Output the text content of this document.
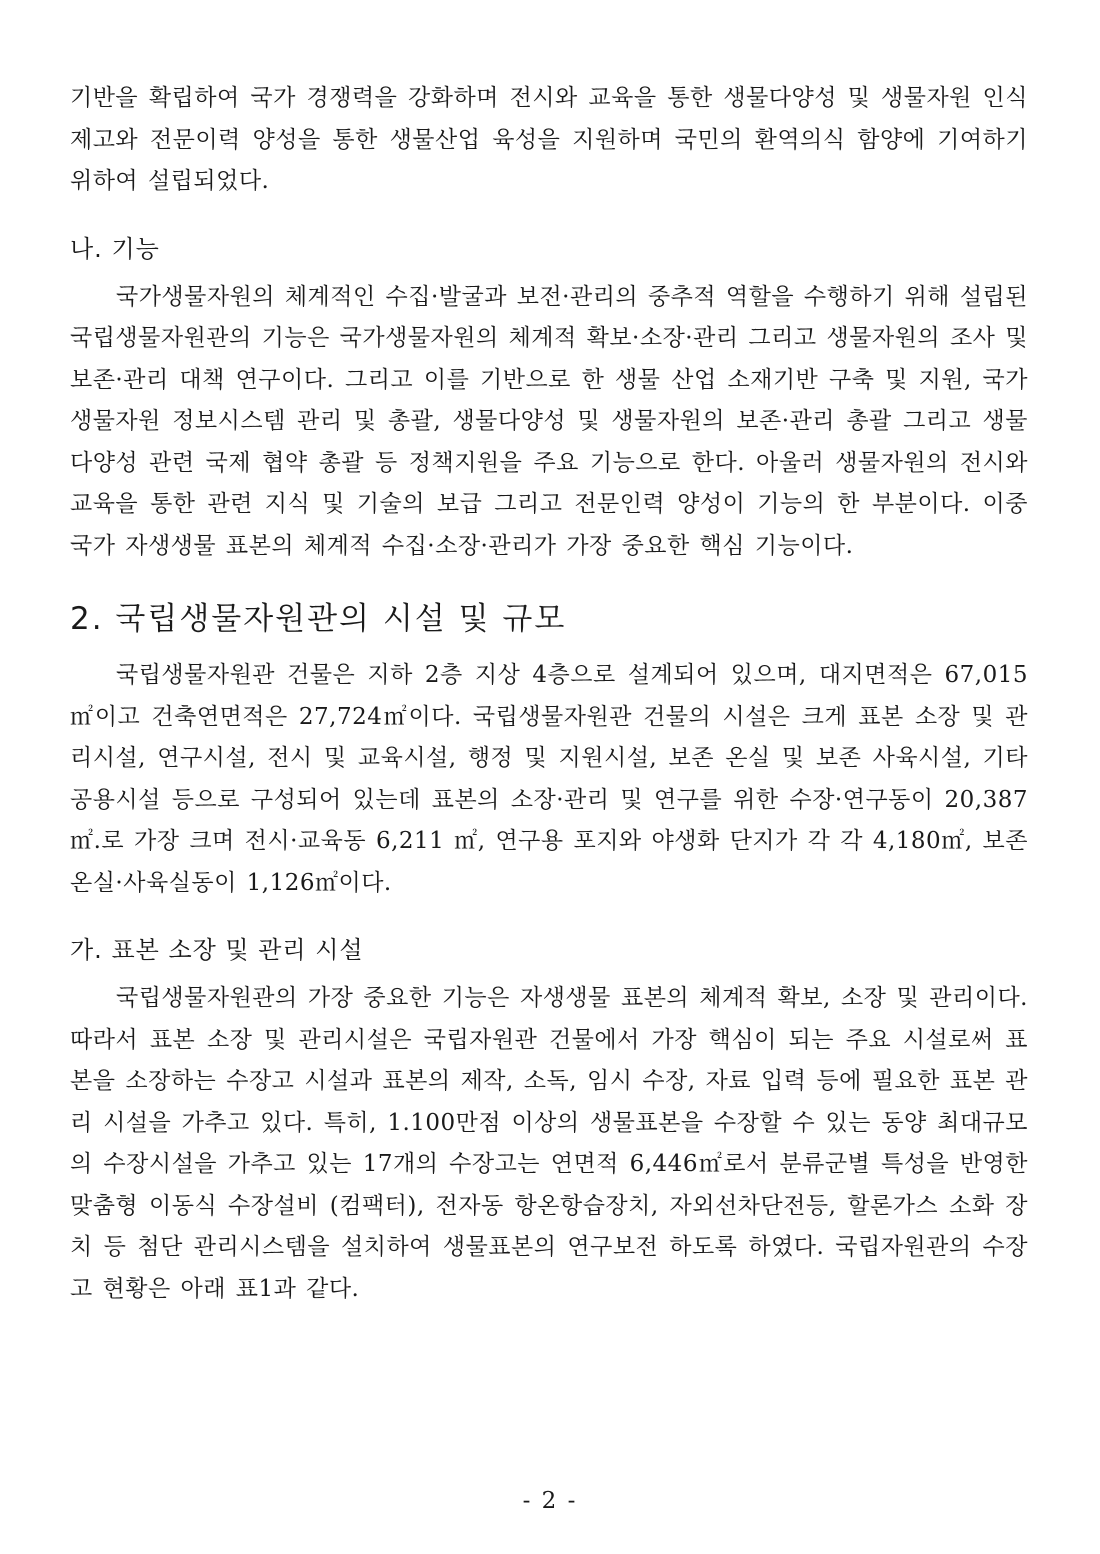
기반을 확립하여 국가 경쟁력을 강화하며 전시와 교육을 통한 생물다양성 및 생물자원 인식 제고와 전문이력 양성을 통한 생물산업 육성을 지원하며 국민의 환역의식 함양에 기여하기 위하여 설립되었다.

나. 기능

국가생물자원의 체계적인 수집·발굴과 보전·관리의 중추적 역할을 수행하기 위해 설립된 국립생물자원관의 기능은 국가생물자원의 체계적 확보·소장·관리 그리고 생물자원의 조사 및 보존·관리 대책 연구이다. 그리고 이를 기반으로 한 생물 산업 소재기반 구축 및 지원, 국가생물자원 정보시스템 관리 및 총괄, 생물다양성 및 생물자원의 보존·관리 총괄 그리고 생물 다양성 관련 국제 협약 총괄 등 정책지원을 주요 기능으로 한다. 아울러 생물자원의 전시와 교육을 통한 관련 지식 및 기술의 보급 그리고 전문인력 양성이 기능의 한 부분이다. 이중 국가 자생생물 표본의 체계적 수집·소장·관리가 가장 중요한 핵심 기능이다.

2. 국립생물자원관의 시설 및 규모

국립생물자원관 건물은 지하 2층 지상 4층으로 설계되어 있으며, 대지면적은 67,015㎡이고 건축연면적은 27,724㎡이다. 국립생물자원관 건물의 시설은 크게 표본 소장 및 관리시설, 연구시설, 전시 및 교육시설, 행정 및 지원시설, 보존 온실 및 보존 사육시설, 기타 공용시설 등으로 구성되어 있는데 표본의 소장·관리 및 연구를 위한 수장·연구동이 20,387㎡.로 가장 크며 전시·교육동 6,211 ㎡, 연구용 포지와 야생화 단지가 각 각 4,180㎡, 보존온실·사육실동이 1,126㎡이다.

가. 표본 소장 및 관리 시설

국립생물자원관의 가장 중요한 기능은 자생생물 표본의 체계적 확보, 소장 및 관리이다. 따라서 표본 소장 및 관리시설은 국립자원관 건물에서 가장 핵심이 되는 주요 시설로써 표본을 소장하는 수장고 시설과 표본의 제작, 소독, 임시 수장, 자료 입력 등에 필요한 표본 관리 시설을 가추고 있다. 특히, 1.100만점 이상의 생물표본을 수장할 수 있는 동양 최대규모의 수장시설을 가추고 있는 17개의 수장고는 연면적 6,446㎡로서 분류군별 특성을 반영한 맞춤형 이동식 수장설비 (컴팩터), 전자동 항온항습장치, 자외선차단전등, 할론가스 소화 장치 등 첨단 관리시스템을 설치하여 생물표본의 연구보전 하도록 하였다. 국립자원관의 수장고 현황은 아래 표1과 같다.

- 2 -
